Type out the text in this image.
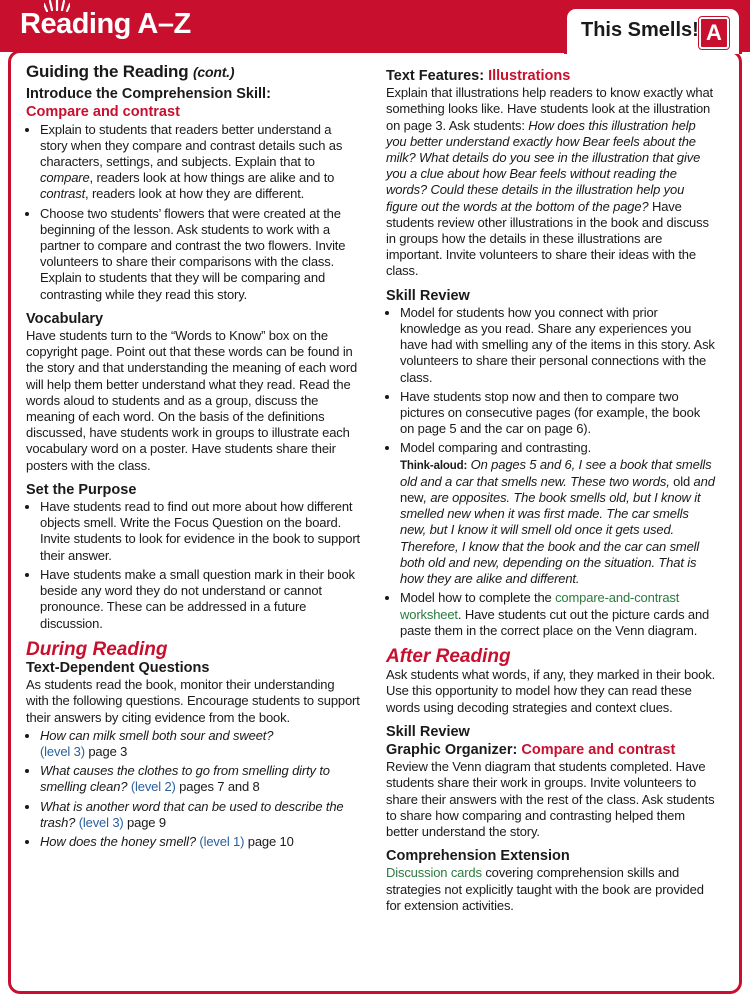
Reading A–Z	This Smells! A
Guiding the Reading (cont.)
Introduce the Comprehension Skill:
Compare and contrast
• Explain to students that readers better understand a story when they compare and contrast details such as characters, settings, and subjects. Explain that to compare, readers look at how things are alike and to contrast, readers look at how they are different.
• Choose two students’ flowers that were created at the beginning of the lesson. Ask students to work with a partner to compare and contrast the two flowers. Invite volunteers to share their comparisons with the class. Explain to students that they will be comparing and contrasting while they read this story.
Vocabulary

Have students turn to the “Words to Know” box on the copyright page. Point out that these words can be found in the story and that understanding the meaning of each word will help them better understand what they read. Read the words aloud to students and as a group, discuss the meaning of each word. On the basis of the definitions discussed, have students work in groups to illustrate each vocabulary word on a poster. Have students share their posters with the class.

Set the Purpose
• Have students read to find out more about how different objects smell. Write the Focus Question on the board. Invite students to look for evidence in the book to support their answer.
• Have students make a small question mark in their book beside any word they do not understand or cannot pronounce. These can be addressed in a future discussion.
During Reading
Text-Dependent Questions

As students read the book, monitor their understanding with the following questions. Encourage students to support their answers by citing evidence from the book.

• How can milk smell both sour and sweet?
(level 3) page 3
• What causes the clothes to go from smelling dirty to smelling clean? (level 2) pages 7 and 8
• What is another word that can be used to describe the trash? (level 3) page 9
• How does the honey smell? (level 1) page 10
Text Features: Illustrations

Explain that illustrations help readers to know exactly what something looks like. Have students look at the illustration on page 3. Ask students: How does this illustration help you better understand exactly how Bear feels about the milk? What details do you see in the illustration that give you a clue about how Bear feels without reading the words? Could these details in the illustration help you figure out the words at the bottom of the page? Have students review other illustrations in the book and discuss in groups how the details in these illustrations are important. Invite volunteers to share their ideas with the class.

Skill Review
• Model for students how you connect with prior knowledge as you read. Share any experiences you have had with smelling any of the items in this story. Ask volunteers to share their personal connections with the class.
• Have students stop now and then to compare two pictures on consecutive pages (for example, the book on page 5 and the car on page 6).
• Model comparing and contrasting.
Think-aloud: On pages 5 and 6, I see a book that smells old and a car that smells new. These two words, old and new, are opposites. The book smells old, but I know it smelled new when it was first made. The car smells new, but I know it will smell old once it gets used. Therefore, I know that the book and the car can smell both old and new, depending on the situation. That is how they are alike and different.
• Model how to complete the compare-and-contrast worksheet. Have students cut out the picture cards and paste them in the correct place on the Venn diagram.
After Reading

Ask students what words, if any, they marked in their book. Use this opportunity to model how they can read these words using decoding strategies and context clues.

Skill Review
Graphic Organizer: Compare and contrast

Review the Venn diagram that students completed. Have students share their work in groups. Invite volunteers to share their answers with the rest of the class. Ask students to share how comparing and contrasting helped them better understand the story.

Comprehension Extension

Discussion cards covering comprehension skills and strategies not explicitly taught with the book are provided for extension activities.
